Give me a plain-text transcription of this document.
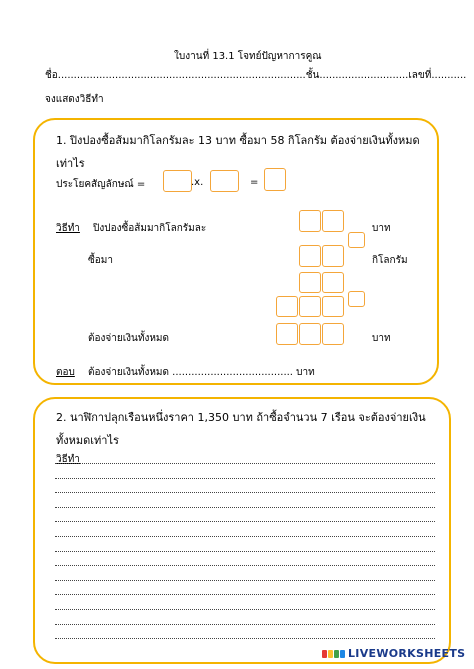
ใบงานที่ 13.1 โจทย์ปัญหาการคูณ
ชื่อ..............................................................................ชั้น............................เลขที่...........
จงแสดงวิธีทำ
1. ปิงปองซื้อส้มมากิโลกรัมละ 13 บาท ซื้อมา 58 กิโลกรัม ต้องจ่ายเงินทั้งหมด
เท่าไร
ประโยคสัญลักษณ์ =	.x.	=
วิธีทำ ปิงปองซื้อส้มมากิโลกรัมละ	บาท
ซื้อมา	กิโลกรัม
ต้องจ่ายเงินทั้งหมด	บาท
ตอบ ต้องจ่ายเงินทั้งหมด ...................................... บาท
2. นาฬิกาปลุกเรือนหนึ่งราคา 1,350 บาท ถ้าซื้อจำนวน 7 เรือน จะต้องจ่ายเงิน
ทั้งหมดเท่าไร
วิธีทำ
LIVEWORKSHEETS
